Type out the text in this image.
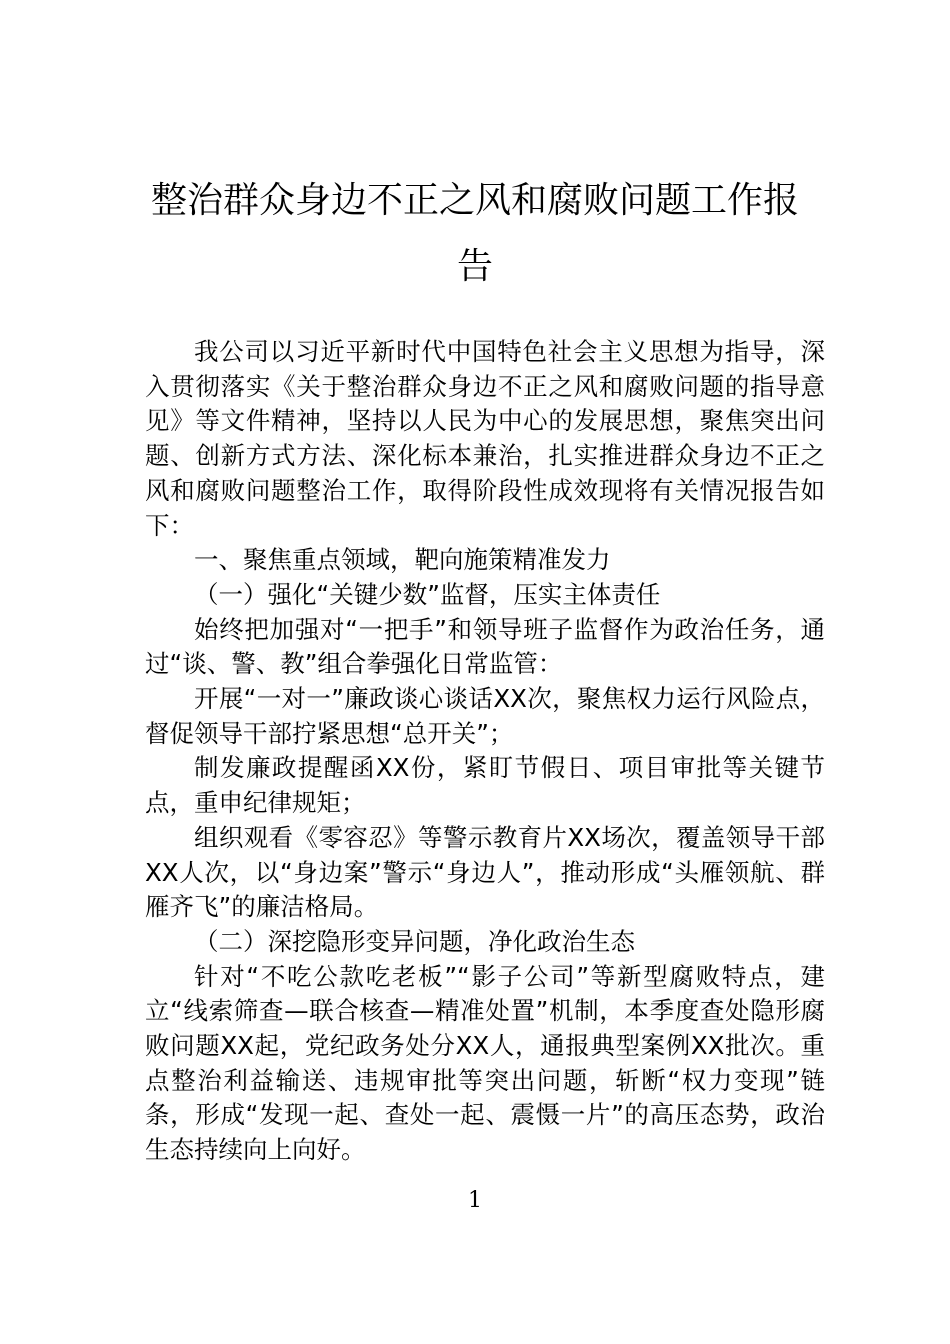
整治群众身边不正之风和腐败问题工作报告

我公司以习近平新时代中国特色社会主义思想为指导，深入贯彻落实《关于整治群众身边不正之风和腐败问题的指导意见》等文件精神，坚持以人民为中心的发展思想，聚焦突出问题、创新方式方法、深化标本兼治，扎实推进群众身边不正之风和腐败问题整治工作，取得阶段性成效现将有关情况报告如下：

一、聚焦重点领域，靶向施策精准发力

（一）强化“关键少数”监督，压实主体责任

始终把加强对“一把手”和领导班子监督作为政治任务，通过“谈、警、教”组合拳强化日常监管：

开展“一对一”廉政谈心谈话XX次，聚焦权力运行风险点，督促领导干部拧紧思想“总开关”；

制发廉政提醒函XX份，紧盯节假日、项目审批等关键节点，重申纪律规矩；

组织观看《零容忍》等警示教育片XX场次，覆盖领导干部XX人次，以“身边案”警示“身边人”，推动形成“头雁领航、群雁齐飞”的廉洁格局。

（二）深挖隐形变异问题，净化政治生态

针对“不吃公款吃老板”“影子公司”等新型腐败特点，建立“线索筛查—联合核查—精准处置”机制，本季度查处隐形腐败问题XX起，党纪政务处分XX人，通报典型案例XX批次。重点整治利益输送、违规审批等突出问题，斩断“权力变现”链条，形成“发现一起、查处一起、震慑一片”的高压态势，政治生态持续向上向好。

1
